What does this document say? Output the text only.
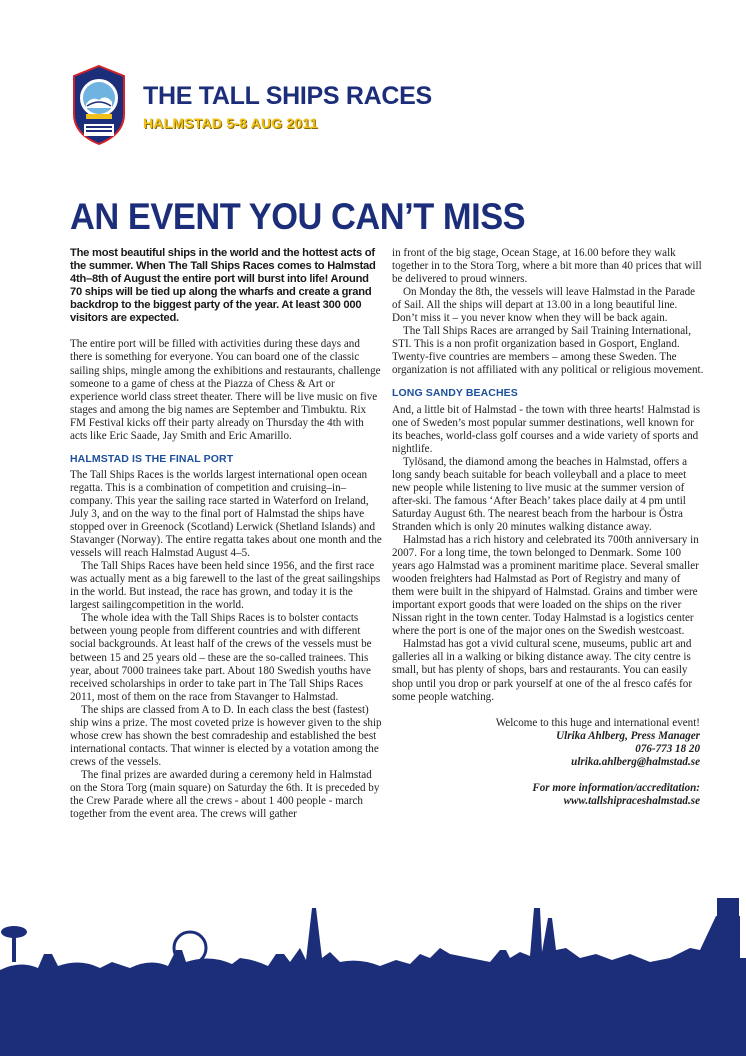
THE TALL SHIPS RACES
HALMSTAD 5-8 AUG 2011
AN EVENT YOU CAN’T MISS

The most beautiful ships in the world and the hottest acts of the summer. When The Tall Ships Races comes to Halmstad 4th–8th of August the entire port will burst into life! Around 70 ships will be tied up along the wharfs and create a grand backdrop to the biggest party of the year. At least 300 000 visitors are expected.

The entire port will be filled with activities during these days and there is something for everyone. You can board one of the classic sailing ships, mingle among the exhibitions and restaurants, challenge someone to a game of chess at the Piazza of Chess & Art or experience world class street theater. There will be live music on five stages and among the big names are September and Timbuktu. Rix FM Festival kicks off their party already on Thursday the 4th with acts like Eric Saade, Jay Smith and Eric Amarillo.

HALMSTAD IS THE FINAL PORT

The Tall Ships Races is the worlds largest international open ocean regatta. This is a combination of competition and cruising–in–company. This year the sailing race started in Waterford on Ireland, July 3, and on the way to the final port of Halmstad the ships have stopped over in Greenock (Scotland) Lerwick (Shetland Islands) and Stavanger (Norway). The entire regatta takes about one month and the vessels will reach Halmstad August 4–5.

The Tall Ships Races have been held since 1956, and the first race was actually ment as a big farewell to the last of the great sailingships in the world. But instead, the race has grown, and today it is the largest sailingcompetition in the world.

The whole idea with the Tall Ships Races is to bolster contacts between young people from different countries and with different social backgrounds. At least half of the crews of the vessels must be between 15 and 25 years old – these are the so-called trainees. This year, about 7000 trainees take part. About 180 Swedish youths have received scholarships in order to take part in The Tall Ships Races 2011, most of them on the race from Stavanger to Halmstad.

The ships are classed from A to D. In each class the best (fastest) ship wins a prize. The most coveted prize is however given to the ship whose crew has shown the best comradeship and established the best international contacts. That winner is elected by a votation among the crews of the vessels.

The final prizes are awarded during a ceremony held in Halmstad on the Stora Torg (main square) on Saturday the 6th. It is preceded by the Crew Parade where all the crews - about 1 400 people - march together from the event area. The crews will gather

in front of the big stage, Ocean Stage, at 16.00 before they walk together in to the Stora Torg, where a bit more than 40 prices that will be delivered to proud winners.

On Monday the 8th, the vessels will leave Halmstad in the Parade of Sail. All the ships will depart at 13.00 in a long beautiful line. Don’t miss it – you never know when they will be back again.

The Tall Ships Races are arranged by Sail Training International, STI. This is a non profit organization based in Gosport, England. Twenty-five countries are members – among these Sweden. The organization is not affiliated with any political or religious movement.

LONG SANDY BEACHES

And, a little bit of Halmstad - the town with three hearts! Halmstad is one of Sweden’s most popular summer destinations, well known for its beaches, world-class golf courses and a wide variety of sports and nightlife.

Tylösand, the diamond among the beaches in Halmstad, offers a long sandy beach suitable for beach volleyball and a place to meet new people while listening to live music at the summer version of after-ski. The famous ‘After Beach’ takes place daily at 4 pm until Saturday August 6th. The nearest beach from the harbour is Östra Stranden which is only 20 minutes walking distance away.

Halmstad has a rich history and celebrated its 700th anniversary in 2007. For a long time, the town belonged to Denmark. Some 100 years ago Halmstad was a prominent maritime place. Several smaller wooden freighters had Halmstad as Port of Registry and many of them were built in the shipyard of Halmstad. Grains and timber were important export goods that were loaded on the ships on the river Nissan right in the town center. Today Halmstad is a logistics center where the port is one of the major ones on the Swedish westcoast.

Halmstad has got a vivid cultural scene, museums, public art and galleries all in a walking or biking distance away. The city centre is small, but has plenty of shops, bars and restaurants. You can easily shop until you drop or park yourself at one of the al fresco cafés for some people watching.

Welcome to this huge and international event!
Ulrika Ahlberg, Press Manager
076-773 18 20
ulrika.ahlberg@halmstad.se
For more information/accreditation:
www.tallshipraceshalmstad.se
